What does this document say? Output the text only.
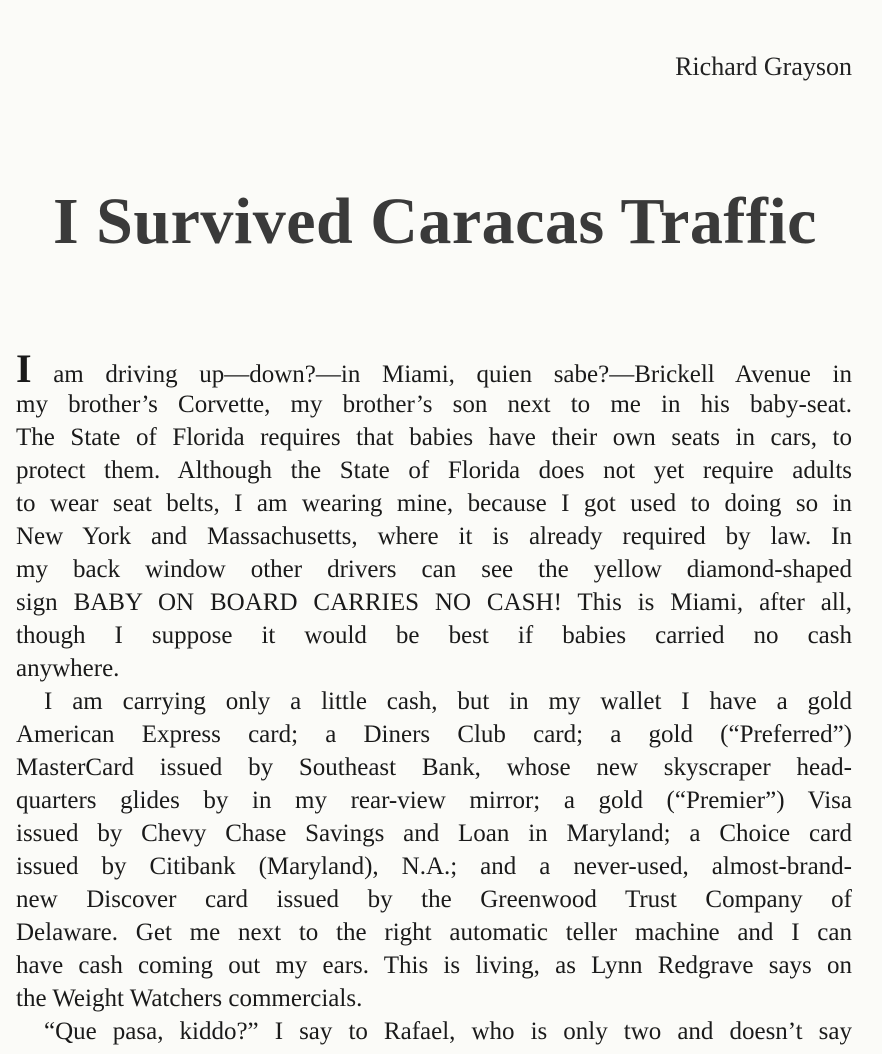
Richard Grayson
I Survived Caracas Traffic
I am driving up—down?—in Miami, quien sabe?—Brickell Avenue in
my brother’s Corvette, my brother’s son next to me in his baby-seat.
The State of Florida requires that babies have their own seats in cars, to
protect them. Although the State of Florida does not yet require adults
to wear seat belts, I am wearing mine, because I got used to doing so in
New York and Massachusetts, where it is already required by law. In
my back window other drivers can see the yellow diamond-shaped
sign BABY ON BOARD CARRIES NO CASH! This is Miami, after all,
though I suppose it would be best if babies carried no cash
anywhere.
I am carrying only a little cash, but in my wallet I have a gold
American Express card; a Diners Club card; a gold (“Preferred”)
MasterCard issued by Southeast Bank, whose new skyscraper head-
quarters glides by in my rear-view mirror; a gold (“Premier”) Visa
issued by Chevy Chase Savings and Loan in Maryland; a Choice card
issued by Citibank (Maryland), N.A.; and a never-used, almost-brand-
new Discover card issued by the Greenwood Trust Company of
Delaware. Get me next to the right automatic teller machine and I can
have cash coming out my ears. This is living, as Lynn Redgrave says on
the Weight Watchers commercials.
“Que pasa, kiddo?” I say to Rafael, who is only two and doesn’t say
